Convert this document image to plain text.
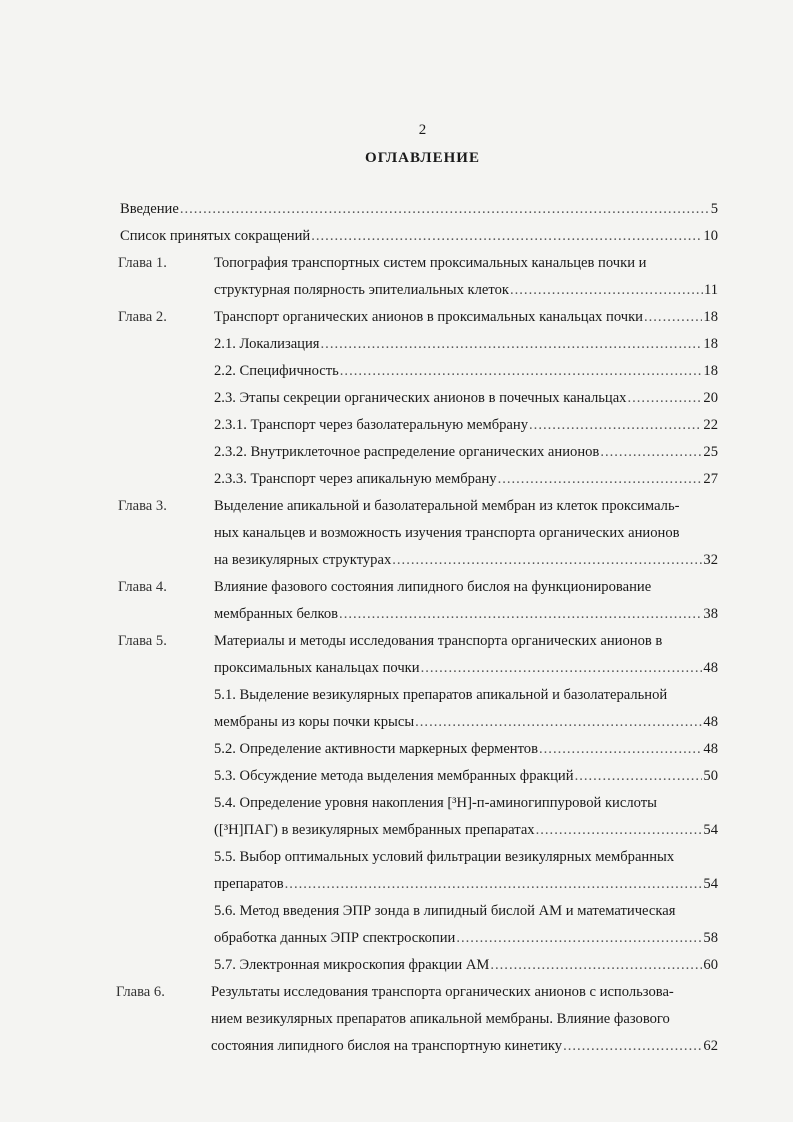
2
ОГЛАВЛЕНИЕ
Введение .....	5
Список принятых сокращений .....	10
Глава 1.	Топография транспортных систем проксимальных канальцев почки и
структурная полярность эпителиальных клеток .....	11
Глава 2.	Транспорт органических анионов в проксимальных канальцах почки .....	18
2.1. Локализация .....	18
2.2. Специфичность .....	18
2.3. Этапы секреции органических анионов в почечных канальцах .....	20
2.3.1. Транспорт через базолатеральную мембрану .....	22
2.3.2. Внутриклеточное распределение органических анионов .....	25
2.3.3. Транспорт через апикальную мембрану .....	27
Глава 3.	Выделение апикальной и базолатеральной мембран из клеток проксималь-
ных канальцев и возможность изучения транспорта органических анионов
на везикулярных структурах .....	32
Глава 4.	Влияние фазового состояния липидного бислоя на функционирование
мембранных белков .....	38
Глава 5.	Материалы и методы исследования транспорта органических анионов в
проксимальных канальцах почки .....	48
5.1. Выделение везикулярных препаратов апикальной и базолатеральной
мембраны из коры почки крысы .....	48
5.2. Определение активности маркерных ферментов .....	48
5.3. Обсуждение метода выделения мембранных фракций .....	50
5.4. Определение уровня накопления [³H]-п-аминогиппуровой кислоты
([³H]ПАГ) в везикулярных мембранных препаратах .....	54
5.5. Выбор оптимальных условий фильтрации везикулярных мембранных
препаратов .....	54
5.6. Метод введения ЭПР зонда в липидный бислой АМ и математическая
обработка данных ЭПР спектроскопии .....	58
5.7. Электронная микроскопия фракции АМ .....	60
Глава 6.	Результаты исследования транспорта органических анионов с использова-
нием везикулярных препаратов апикальной мембраны. Влияние фазового
состояния липидного бислоя на транспортную кинетику .....	62
